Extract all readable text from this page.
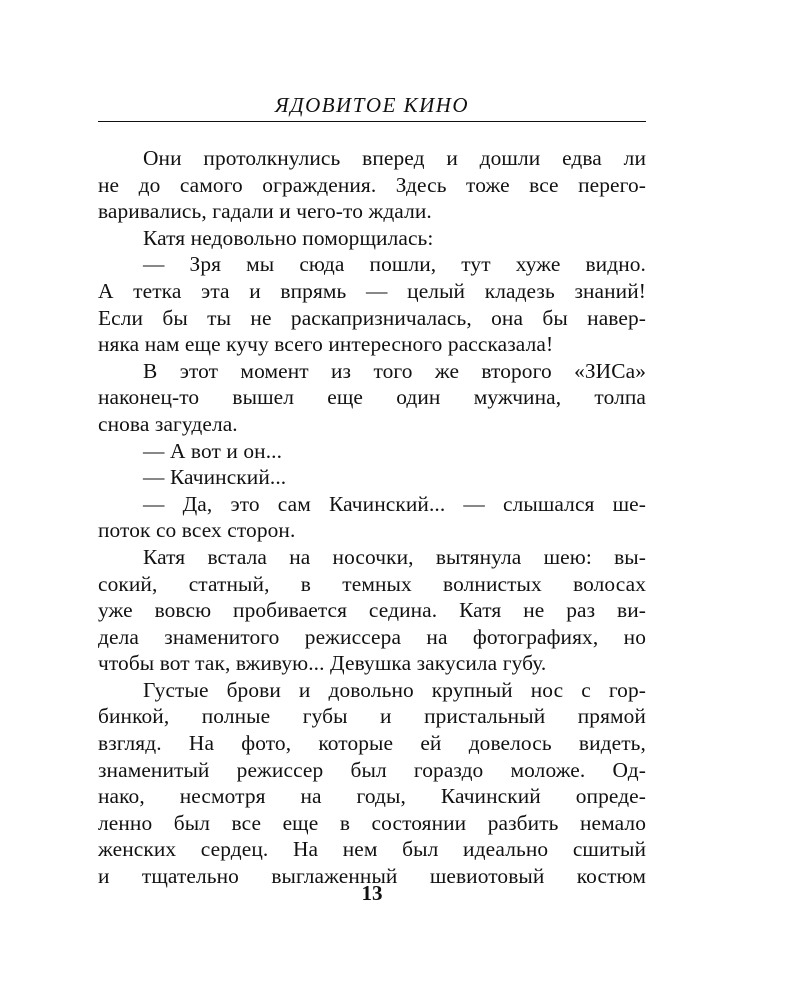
ЯДОВИТОЕ КИНО
Они протолкнулись вперед и дошли едва ли
не до самого ограждения. Здесь тоже все перего-
варивались, гадали и чего-то ждали.
Катя недовольно поморщилась:
— Зря мы сюда пошли, тут хуже видно.
А тетка эта и впрямь — целый кладезь знаний!
Если бы ты не раскапризничалась, она бы навер-
няка нам еще кучу всего интересного рассказала!
В этот момент из того же второго «ЗИСа»
наконец-то вышел еще один мужчина, толпа
снова загудела.
— А вот и он...
— Качинский...
— Да, это сам Качинский... — слышался ше-
поток со всех сторон.
Катя встала на носочки, вытянула шею: вы-
сокий, статный, в темных волнистых волосах
уже вовсю пробивается седина. Катя не раз ви-
дела знаменитого режиссера на фотографиях, но
чтобы вот так, вживую... Девушка закусила губу.
Густые брови и довольно крупный нос с гор-
бинкой, полные губы и пристальный прямой
взгляд. На фото, которые ей довелось видеть,
знаменитый режиссер был гораздо моложе. Од-
нако, несмотря на годы, Качинский опреде-
ленно был все еще в состоянии разбить немало
женских сердец. На нем был идеально сшитый
и тщательно выглаженный шевиотовый костюм
13
